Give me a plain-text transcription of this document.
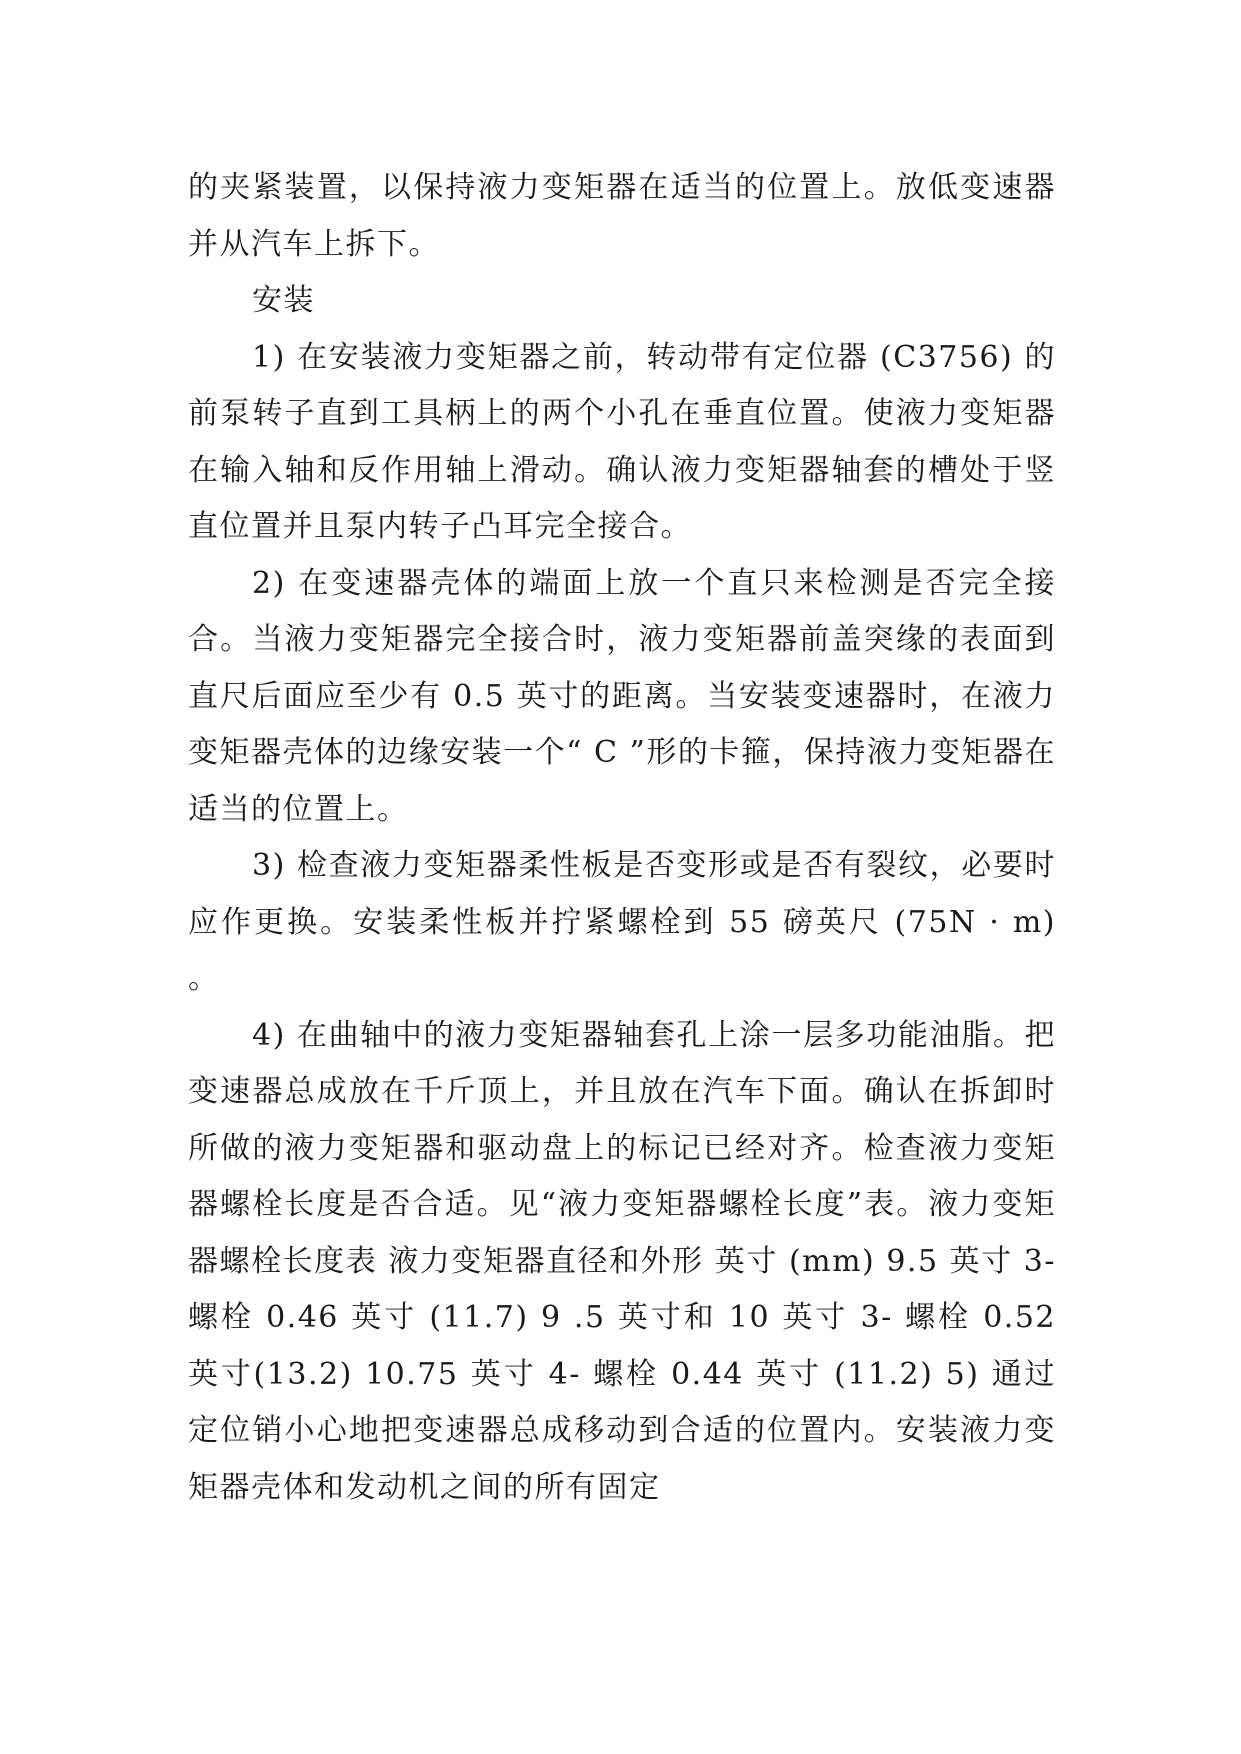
的夹紧装置，以保持液力变矩器在适当的位置上。放低变速器并从汽车上拆下。

安装

1) 在安装液力变矩器之前，转动带有定位器 (C3756) 的前泵转子直到工具柄上的两个小孔在垂直位置。使液力变矩器在输入轴和反作用轴上滑动。确认液力变矩器轴套的槽处于竖直位置并且泵内转子凸耳完全接合。

2) 在变速器壳体的端面上放一个直只来检测是否完全接合。当液力变矩器完全接合时，液力变矩器前盖突缘的表面到直尺后面应至少有 0.5 英寸的距离。当安装变速器时，在液力变矩器壳体的边缘安装一个“ C ”形的卡箍，保持液力变矩器在适当的位置上。

3) 检查液力变矩器柔性板是否变形或是否有裂纹，必要时应作更换。安装柔性板并拧紧螺栓到 55 磅英尺 (75N · m) 。

4) 在曲轴中的液力变矩器轴套孔上涂一层多功能油脂。把变速器总成放在千斤顶上，并且放在汽车下面。确认在拆卸时所做的液力变矩器和驱动盘上的标记已经对齐。检查液力变矩器螺栓长度是否合适。见“液力变矩器螺栓长度”表。液力变矩器螺栓长度表 液力变矩器直径和外形 英寸 (mm) 9.5 英寸 3- 螺栓 0.46 英寸 (11.7) 9 .5 英寸和 10 英寸 3- 螺栓 0.52 英寸(13.2) 10.75 英寸 4- 螺栓 0.44 英寸 (11.2) 5) 通过定位销小心地把变速器总成移动到合适的位置内。安装液力变矩器壳体和发动机之间的所有固定
